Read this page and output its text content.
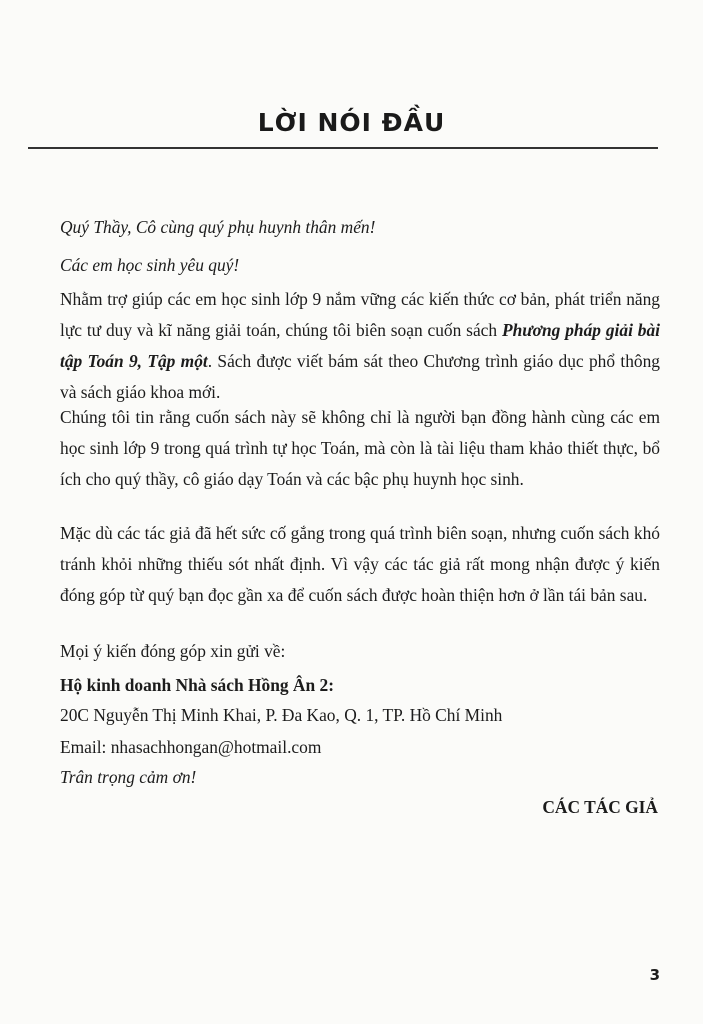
LỜI NÓI ĐẦU

Quý Thầy, Cô cùng quý phụ huynh thân mến!

Các em học sinh yêu quý!

Nhằm trợ giúp các em học sinh lớp 9 nắm vững các kiến thức cơ bản, phát triển năng lực tư duy và kĩ năng giải toán, chúng tôi biên soạn cuốn sách Phương pháp giải bài tập Toán 9, Tập một. Sách được viết bám sát theo Chương trình giáo dục phổ thông và sách giáo khoa mới.

Chúng tôi tin rằng cuốn sách này sẽ không chỉ là người bạn đồng hành cùng các em học sinh lớp 9 trong quá trình tự học Toán, mà còn là tài liệu tham khảo thiết thực, bổ ích cho quý thầy, cô giáo dạy Toán và các bậc phụ huynh học sinh.

Mặc dù các tác giả đã hết sức cố gắng trong quá trình biên soạn, nhưng cuốn sách khó tránh khỏi những thiếu sót nhất định. Vì vậy các tác giả rất mong nhận được ý kiến đóng góp từ quý bạn đọc gần xa để cuốn sách được hoàn thiện hơn ở lần tái bản sau.

Mọi ý kiến đóng góp xin gửi về:

Hộ kinh doanh Nhà sách Hồng Ân 2:

20C Nguyễn Thị Minh Khai, P. Đa Kao, Q. 1, TP. Hồ Chí Minh

Email: nhasachhongan@hotmail.com

Trân trọng cảm ơn!

CÁC TÁC GIẢ
3
